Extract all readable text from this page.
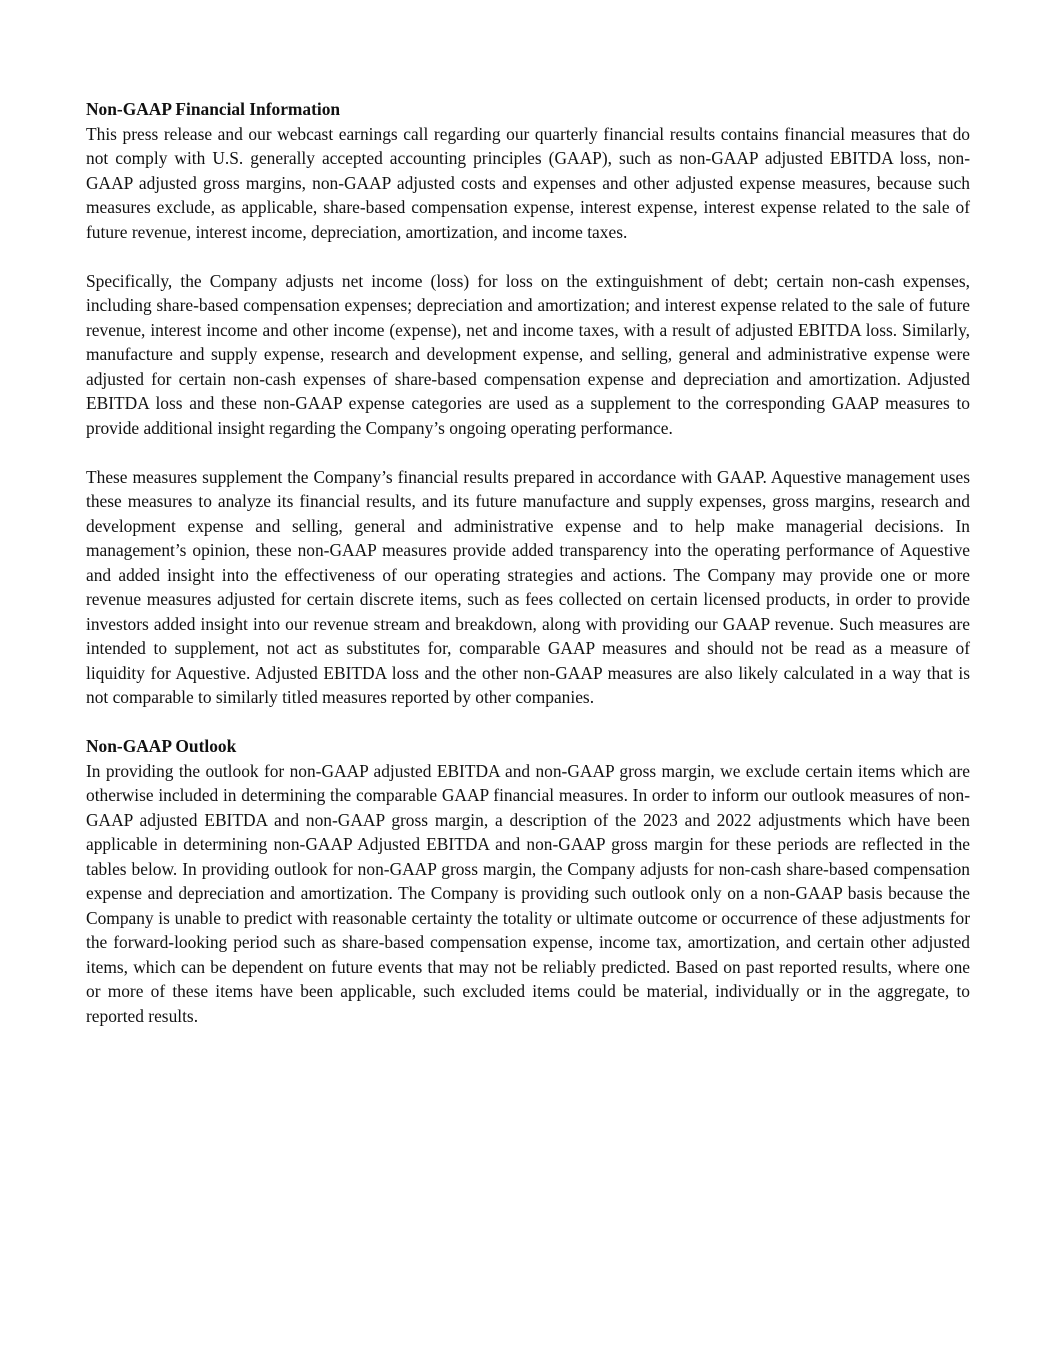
Non-GAAP Financial Information

This press release and our webcast earnings call regarding our quarterly financial results contains financial measures that do not comply with U.S. generally accepted accounting principles (GAAP), such as non-GAAP adjusted EBITDA loss, non-GAAP adjusted gross margins, non-GAAP adjusted costs and expenses and other adjusted expense measures, because such measures exclude, as applicable, share-based compensation expense, interest expense, interest expense related to the sale of future revenue, interest income, depreciation, amortization, and income taxes.

Specifically, the Company adjusts net income (loss) for loss on the extinguishment of debt; certain non-cash expenses, including share-based compensation expenses; depreciation and amortization; and interest expense related to the sale of future revenue, interest income and other income (expense), net and income taxes, with a result of adjusted EBITDA loss. Similarly, manufacture and supply expense, research and development expense, and selling, general and administrative expense were adjusted for certain non-cash expenses of share-based compensation expense and depreciation and amortization. Adjusted EBITDA loss and these non-GAAP expense categories are used as a supplement to the corresponding GAAP measures to provide additional insight regarding the Company’s ongoing operating performance.

These measures supplement the Company’s financial results prepared in accordance with GAAP. Aquestive management uses these measures to analyze its financial results, and its future manufacture and supply expenses, gross margins, research and development expense and selling, general and administrative expense and to help make managerial decisions. In management’s opinion, these non-GAAP measures provide added transparency into the operating performance of Aquestive and added insight into the effectiveness of our operating strategies and actions. The Company may provide one or more revenue measures adjusted for certain discrete items, such as fees collected on certain licensed products, in order to provide investors added insight into our revenue stream and breakdown, along with providing our GAAP revenue. Such measures are intended to supplement, not act as substitutes for, comparable GAAP measures and should not be read as a measure of liquidity for Aquestive. Adjusted EBITDA loss and the other non-GAAP measures are also likely calculated in a way that is not comparable to similarly titled measures reported by other companies.

Non-GAAP Outlook

In providing the outlook for non-GAAP adjusted EBITDA and non-GAAP gross margin, we exclude certain items which are otherwise included in determining the comparable GAAP financial measures. In order to inform our outlook measures of non-GAAP adjusted EBITDA and non-GAAP gross margin, a description of the 2023 and 2022 adjustments which have been applicable in determining non-GAAP Adjusted EBITDA and non-GAAP gross margin for these periods are reflected in the tables below. In providing outlook for non-GAAP gross margin, the Company adjusts for non-cash share-based compensation expense and depreciation and amortization. The Company is providing such outlook only on a non-GAAP basis because the Company is unable to predict with reasonable certainty the totality or ultimate outcome or occurrence of these adjustments for the forward-looking period such as share-based compensation expense, income tax, amortization, and certain other adjusted items, which can be dependent on future events that may not be reliably predicted. Based on past reported results, where one or more of these items have been applicable, such excluded items could be material, individually or in the aggregate, to reported results.
